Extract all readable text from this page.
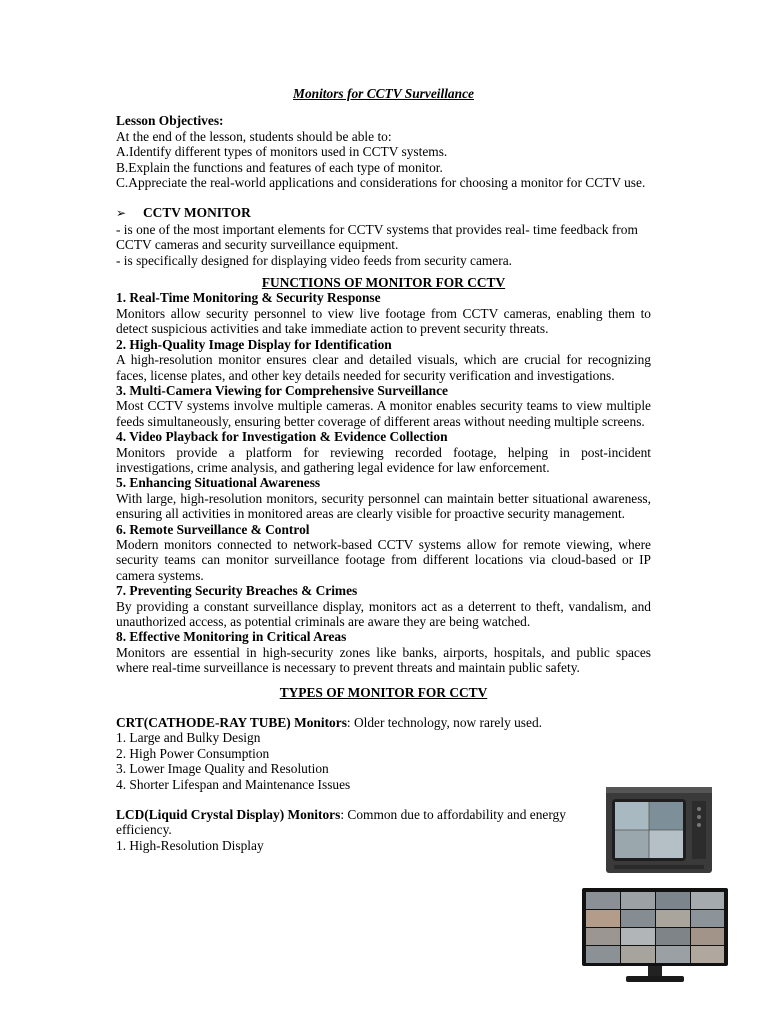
Monitors for CCTV Surveillance
Lesson Objectives:
At the end of the lesson, students should be able to:
A.Identify different types of monitors used in CCTV systems.
B.Explain the functions and features of each type of monitor.
C.Appreciate the real-world applications and considerations for choosing a monitor for CCTV use.
➢	CCTV MONITOR
- is one of the most important elements for CCTV systems that provides real- time feedback from CCTV cameras and security surveillance equipment.
- is specifically designed for displaying video feeds from security camera.
FUNCTIONS OF MONITOR FOR CCTV
1. Real-Time Monitoring & Security Response
Monitors allow security personnel to view live footage from CCTV cameras, enabling them to detect suspicious activities and take immediate action to prevent security threats.
2. High-Quality Image Display for Identification
A high-resolution monitor ensures clear and detailed visuals, which are crucial for recognizing faces, license plates, and other key details needed for security verification and investigations.
3. Multi-Camera Viewing for Comprehensive Surveillance
Most CCTV systems involve multiple cameras. A monitor enables security teams to view multiple feeds simultaneously, ensuring better coverage of different areas without needing multiple screens.
4. Video Playback for Investigation & Evidence Collection
Monitors provide a platform for reviewing recorded footage, helping in post-incident investigations, crime analysis, and gathering legal evidence for law enforcement.
5. Enhancing Situational Awareness
With large, high-resolution monitors, security personnel can maintain better situational awareness, ensuring all activities in monitored areas are clearly visible for proactive security management.
6. Remote Surveillance & Control
Modern monitors connected to network-based CCTV systems allow for remote viewing, where security teams can monitor surveillance footage from different locations via cloud-based or IP camera systems.
7. Preventing Security Breaches & Crimes
By providing a constant surveillance display, monitors act as a deterrent to theft, vandalism, and unauthorized access, as potential criminals are aware they are being watched.
8. Effective Monitoring in Critical Areas
Monitors are essential in high-security zones like banks, airports, hospitals, and public spaces where real-time surveillance is necessary to prevent threats and maintain public safety.
TYPES OF MONITOR FOR CCTV
CRT(CATHODE-RAY TUBE) Monitors: Older technology, now rarely used.
1. Large and Bulky Design
2. High Power Consumption
3. Lower Image Quality and Resolution
4. Shorter Lifespan and Maintenance Issues
LCD(Liquid Crystal Display) Monitors: Common due to affordability and energy efficiency.
1. High-Resolution Display
